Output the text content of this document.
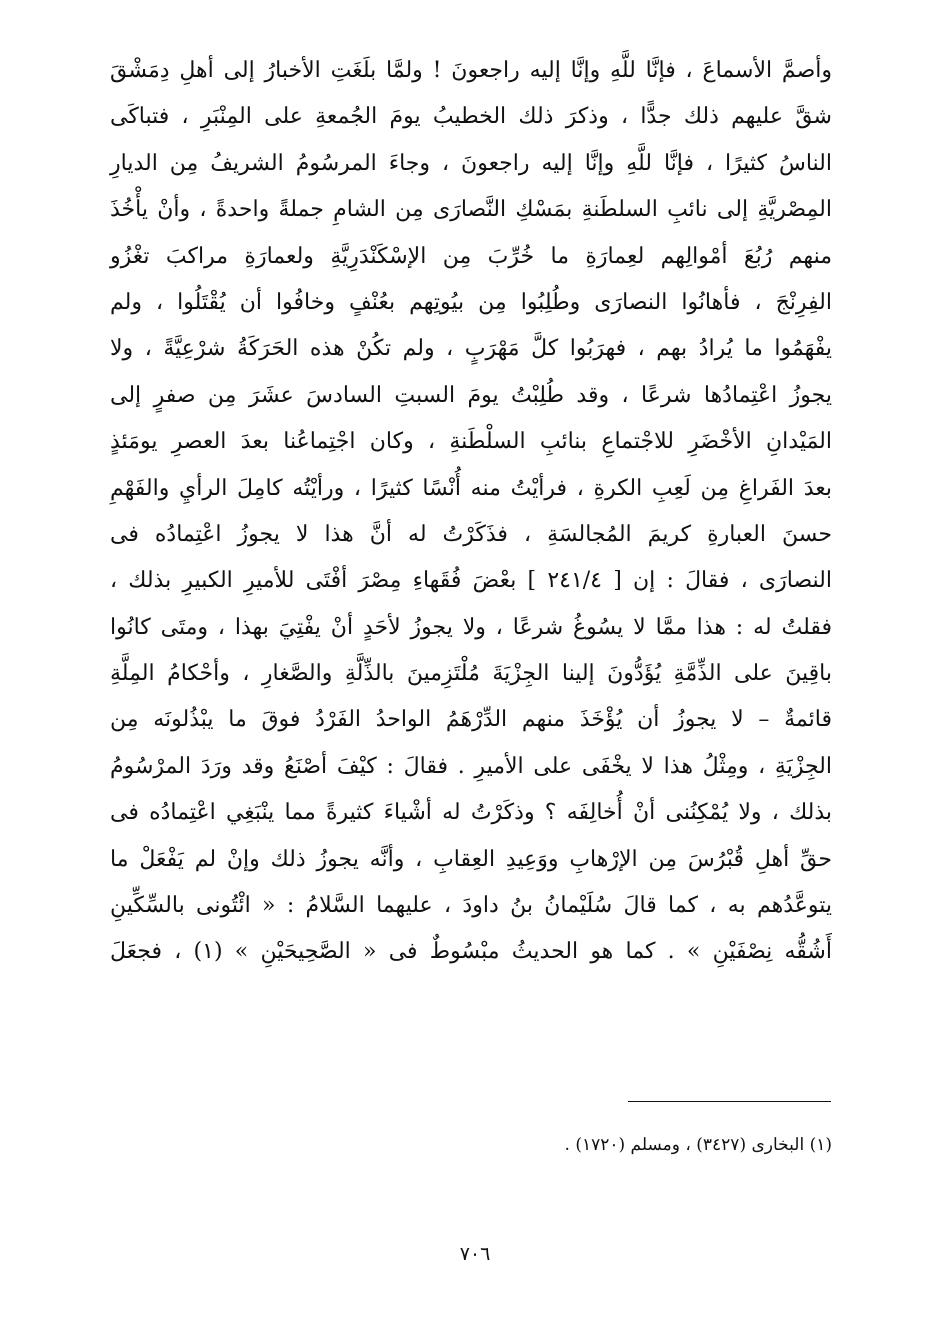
وأصمَّ الأسماعَ ، فإنَّا للَّهِ وإنَّا إليه راجعونَ ! ولمَّا بلَغَتِ الأخبارُ إلى أهلِ دِمَشْقَ
شقَّ عليهم ذلك جدًّا ، وذكرَ ذلك الخطيبُ يومَ الجُمعةِ على المِنْبَرِ ، فتباكَى
الناسُ كثيرًا ، فإنَّا للَّهِ وإنَّا إليه راجعونَ ، وجاءَ المرسُومُ الشريفُ مِن الديارِ
المِصْريَّةِ إلى نائبِ السلطَنةِ بمَسْكِ النَّصارَى مِن الشامِ جملةً واحدةً ، وأنْ يأْخُذَ
منهم رُبُعَ أمْوالِهم لعِمارَةِ ما خُرِّبَ مِن الإسْكَنْدَرِيَّةِ ولعمارَةِ مراكبَ تغْزُو
الفِرِنْجَ ، فأهانُوا النصارَى وطُلِبُوا مِن بيُوتِهم بعُنْفٍ وخافُوا أن يُقْتَلُوا ، ولم
يفْهَمُوا ما يُرادُ بهم ، فهرَبُوا كلَّ مَهْرَبٍ ، ولم تكُنْ هذه الحَرَكَةُ شرْعِيَّةً ، ولا
يجوزُ اعْتِمادُها شرعًا ، وقد طُلِبْتُ يومَ السبتِ السادسَ عشَرَ مِن صفرٍ إلى
المَيْدانِ الأخْضَرِ للاجْتماعِ بنائبِ السلْطَنةِ ، وكان اجْتِماعُنا بعدَ العصرِ يومَئذٍ
بعدَ الفَراغِ مِن لَعِبِ الكرةِ ، فرأيْتُ منه أُنْسًا كثيرًا ، ورأيْتُه كامِلَ الرأيِ والفَهْمِ
حسنَ العبارةِ كريمَ المُجالسَةِ ، فذَكَرْتُ له أنَّ هذا لا يجوزُ اعْتِمادُه فى
النصارَى ، فقالَ : إن [ ٢٤١/٤ ] بعْضَ فُقَهاءِ مِصْرَ أفْتَى للأميرِ الكبيرِ بذلك ،
فقلتُ له : هذا ممَّا لا يسُوغُ شرعًا ، ولا يجوزُ لأحَدٍ أنْ يفْتِيَ بهذا ، ومتَى كانُوا
باقِينَ على الذِّمَّةِ يُؤَدُّونَ إلينا الجِزْيَةَ مُلْتَزِمينَ بالذِّلَّةِ والصَّغارِ ، وأحْكامُ المِلَّةِ
قائمةٌ – لا يجوزُ أن يُؤْخَذَ منهم الدِّرْهَمُ الواحدُ الفَرْدُ فوقَ ما يبْذُلونَه مِن
الجِزْيَةِ ، ومِثْلُ هذا لا يخْفَى على الأميرِ . فقالَ : كيْفَ أصْنَعُ وقد ورَدَ المرْسُومُ
بذلك ، ولا يُمْكِنُنى أنْ أُخالِفَه ؟ وذكَرْتُ له أشْياءَ كثيرةً مما ينْبَغِي اعْتِمادُه فى
حقِّ أهلِ قُبْرُسَ مِن الإرْهابِ ووَعِيدِ العِقابِ ، وأنَّه يجوزُ ذلك وإنْ لم يَفْعَلْ ما
يتوعَّدُهم به ، كما قالَ سُلَيْمانُ بنُ داودَ ، عليهما السَّلامُ : « ائْتُونى بالسِّكِّينِ
أَشُقُّه نِصْفَيْنِ » . كما هو الحديثُ مبْسُوطٌ فى « الصَّحِيحَيْنِ » (١) ، فجعَلَ
(١) البخارى (٣٤٢٧) ، ومسلم (١٧٢٠) .
٧٠٦
